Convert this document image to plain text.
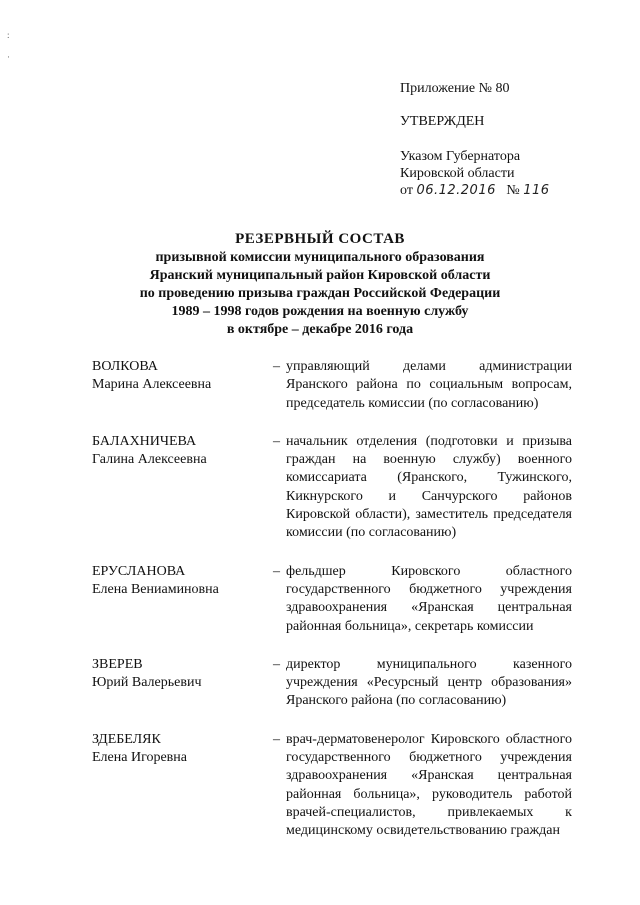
:
·
Приложение № 80
УТВЕРЖДЕН
Указом Губернатора
Кировской области
от 06.12.2016 № 116
РЕЗЕРВНЫЙ СОСТАВ
призывной комиссии муниципального образования
Яранский муниципальный район Кировской области
по проведению призыва граждан Российской Федерации
1989 – 1998 годов рождения на военную службу
в октябре – декабре 2016 года
ВОЛКОВА
Марина Алексеевна
– управляющий делами администрации Яранского района по социальным вопросам, председатель комиссии (по согласованию)
БАЛАХНИЧЕВА
Галина Алексеевна
– начальник отделения (подготовки и призыва граждан на военную службу) военного комиссариата (Яранского, Тужинского, Кикнурского и Санчурского районов Кировской области), заместитель председателя комиссии (по согласованию)
ЕРУСЛАНОВА
Елена Вениаминовна
– фельдшер Кировского областного государственного бюджетного учреждения здравоохранения «Яранская центральная районная больница», секретарь комиссии
ЗВЕРЕВ
Юрий Валерьевич
– директор муниципального казенного учреждения «Ресурсный центр образования» Яранского района (по согласованию)
ЗДЕБЕЛЯК
Елена Игоревна
– врач-дерматовенеролог Кировского областного государственного бюджетного учреждения здравоохранения «Яранская центральная районная больница», руководитель работой врачей-специалистов, привлекаемых к медицинскому освидетельствованию граждан
